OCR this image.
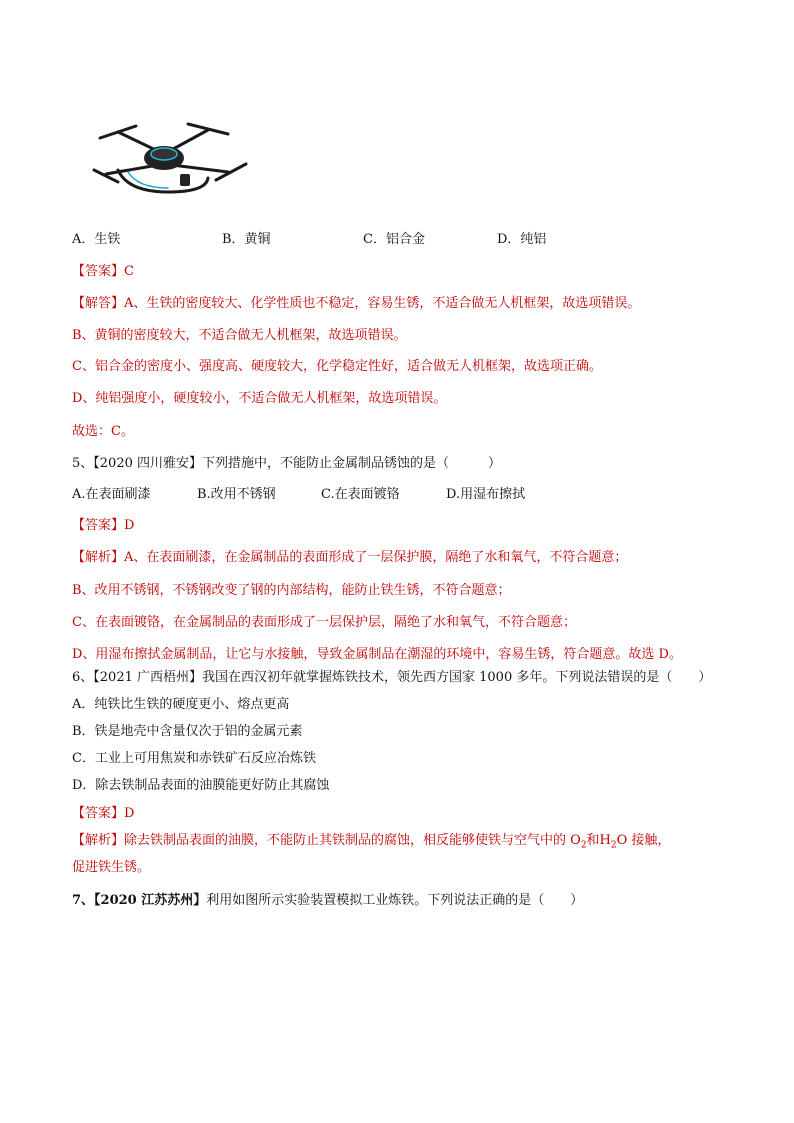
A．生铁	B．黄铜	C．铝合金	D．纯铝
【答案】C
【解答】A、生铁的密度较大、化学性质也不稳定，容易生锈，不适合做无人机框架，故选项错误。
B、黄铜的密度较大，不适合做无人机框架，故选项错误。
C、铝合金的密度小、强度高、硬度较大，化学稳定性好，适合做无人机框架，故选项正确。
D、纯铝强度小，硬度较小，不适合做无人机框架，故选项错误。
故选：C。
5、【2020 四川雅安】下列措施中，不能防止金属制品锈蚀的是（　　　）
A.在表面刷漆	B.改用不锈钢	C.在表面镀铬	D.用湿布擦拭
【答案】D
【解析】A、在表面刷漆，在金属制品的表面形成了一层保护膜，隔绝了水和氧气，不符合题意；
B、改用不锈钢，不锈钢改变了钢的内部结构，能防止铁生锈，不符合题意；
C、在表面镀铬，在金属制品的表面形成了一层保护层，隔绝了水和氧气，不符合题意；
D、用湿布擦拭金属制品，让它与水接触，导致金属制品在潮湿的环境中，容易生锈，符合题意。故选 D。
6、【2021 广西梧州】我国在西汉初年就掌握炼铁技术，领先西方国家 1000 多年。下列说法错误的是（　　）
A．纯铁比生铁的硬度更小、熔点更高
B．铁是地壳中含量仅次于铝的金属元素
C．工业上可用焦炭和赤铁矿石反应冶炼铁
D．除去铁制品表面的油膜能更好防止其腐蚀
【答案】D
【解析】除去铁制品表面的油膜，不能防止其铁制品的腐蚀，相反能够使铁与空气中的 $O_2$和$H_2O$ 接触，
促进铁生锈。
7、【2020 江苏苏州】利用如图所示实验装置模拟工业炼铁。下列说法正确的是（　　）
